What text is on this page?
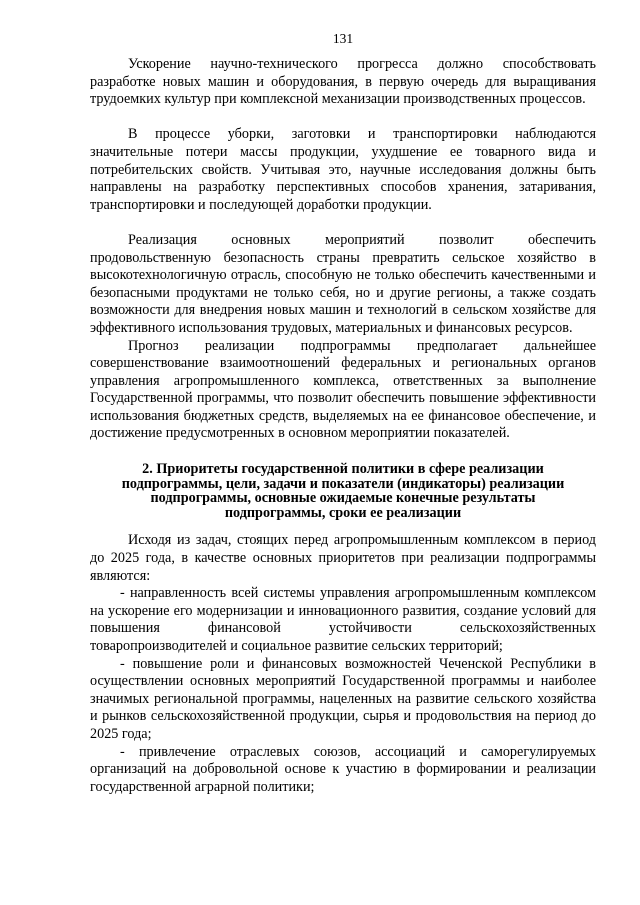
131

Ускорение научно-технического прогресса должно способствовать разработке новых машин и оборудования, в первую очередь для выращивания трудоемких культур при комплексной механизации производственных процессов.

В процессе уборки, заготовки и транспортировки наблюдаются значительные потери массы продукции, ухудшение ее товарного вида и потребительских свойств. Учитывая это, научные исследования должны быть направлены на разработку перспективных способов хранения, затаривания, транспортировки и последующей доработки продукции.

Реализация основных мероприятий позволит обеспечить продовольственную безопасность страны превратить сельское хозяйство в высокотехнологичную отрасль, способную не только обеспечить качественными и безопасными продуктами не только себя, но и другие регионы, а также создать возможности для внедрения новых машин и технологий в сельском хозяйстве для эффективного использования трудовых, материальных и финансовых ресурсов.

Прогноз реализации подпрограммы предполагает дальнейшее совершенствование взаимоотношений федеральных и региональных органов управления агропромышленного комплекса, ответственных за выполнение Государственной программы, что позволит обеспечить повышение эффективности использования бюджетных средств, выделяемых на ее финансовое обеспечение, и достижение предусмотренных в основном мероприятии показателей.

2. Приоритеты государственной политики в сфере реализации подпрограммы, цели, задачи и показатели (индикаторы) реализации подпрограммы, основные ожидаемые конечные результаты подпрограммы, сроки ее реализации

Исходя из задач, стоящих перед агропромышленным комплексом в период до 2025 года, в качестве основных приоритетов при реализации подпрограммы являются:

- направленность всей системы управления агропромышленным комплексом на ускорение его модернизации и инновационного развития, создание условий для повышения финансовой устойчивости сельскохозяйственных товаропроизводителей и социальное развитие сельских территорий;

- повышение роли и финансовых возможностей Чеченской Республики в осуществлении основных мероприятий Государственной программы и наиболее значимых региональной программы, нацеленных на развитие сельского хозяйства и рынков сельскохозяйственной продукции, сырья и продовольствия на период до 2025 года;

- привлечение отраслевых союзов, ассоциаций и саморегулируемых организаций на добровольной основе к участию в формировании и реализации государственной аграрной политики;
